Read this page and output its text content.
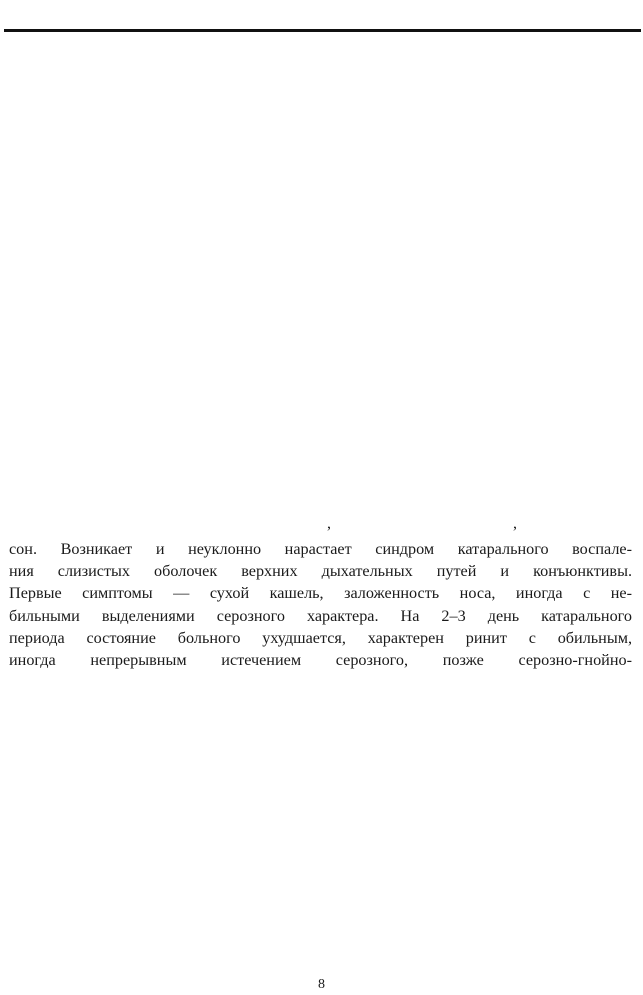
,	,
сон. Возникает и неуклонно нарастает синдром катарального воспале-
ния слизистых оболочек верхних дыхательных путей и конъюнктивы.
Первые симптомы — сухой кашель, заложенность носа, иногда с не-
бильными выделениями серозного характера. На 2–3 день катарального
периода состояние больного ухудшается, характерен ринит с обильным,
иногда непрерывным истечением серозного, позже серозно-гнойно-
8
